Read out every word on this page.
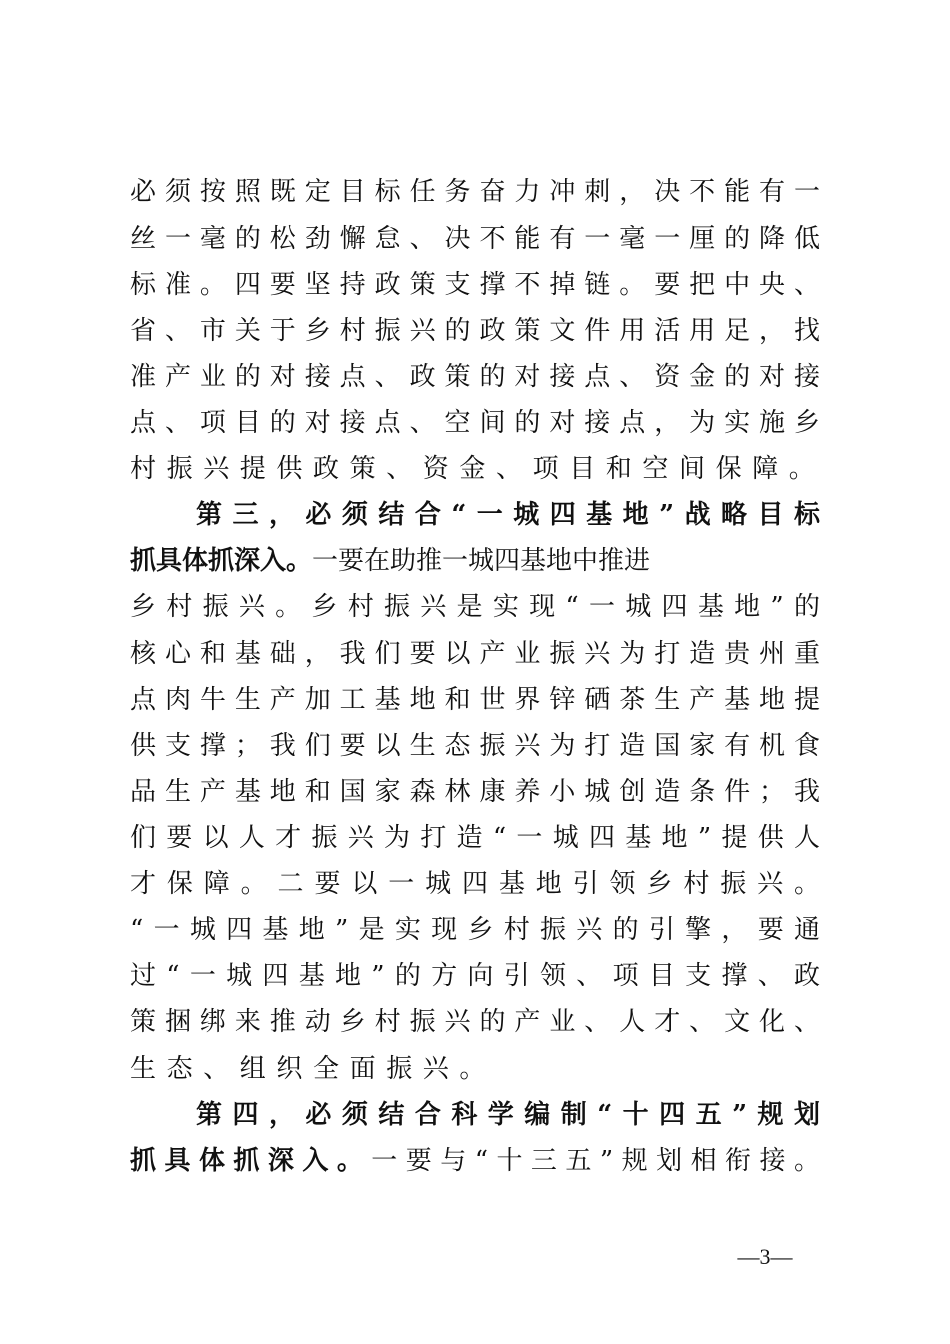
必须按照既定目标任务奋力冲刺，决不能有一
丝一毫的松劲懈怠、决不能有一毫一厘的降低
标准。四要坚持政策支撑不掉链。要把中央、
省、市关于乡村振兴的政策文件用活用足，找
准产业的对接点、政策的对接点、资金的对接
点、项目的对接点、空间的对接点，为实施乡
村振兴提供政策、资金、项目和空间保障。
第三，必须结合“一城四基地”战略目标
抓具体抓深入。一要在助推一城四基地中推进
乡村振兴。乡村振兴是实现“一城四基地”的
核心和基础，我们要以产业振兴为打造贵州重
点肉牛生产加工基地和世界锌硒茶生产基地提
供支撑；我们要以生态振兴为打造国家有机食
品生产基地和国家森林康养小城创造条件；我
们要以人才振兴为打造“一城四基地”提供人
才保障。二要以一城四基地引领乡村振兴。
“一城四基地”是实现乡村振兴的引擎，要通
过“一城四基地”的方向引领、项目支撑、政
策捆绑来推动乡村振兴的产业、人才、文化、
生态、组织全面振兴。
第四，必须结合科学编制“十四五”规划
抓具体抓深入。一要与“十三五”规划相衔接。
—3—
